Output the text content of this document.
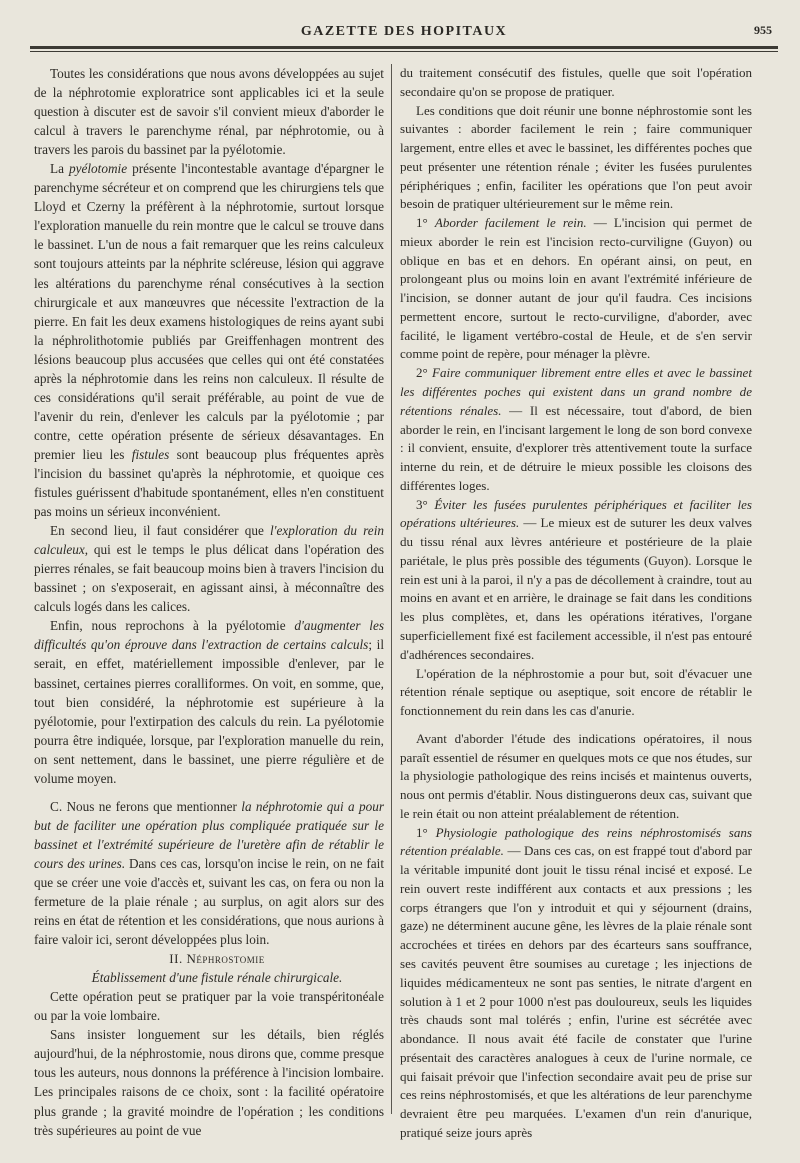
GAZETTE DES HOPITAUX	955

Toutes les considérations que nous avons développées au sujet de la néphrotomie exploratrice sont applicables ici et la seule question à discuter est de savoir s'il convient mieux d'aborder le calcul à travers le parenchyme rénal, par néphrotomie, ou à travers les parois du bassinet par la pyélotomie.

La pyélotomie présente l'incontestable avantage d'épargner le parenchyme sécréteur et on comprend que les chirurgiens tels que Lloyd et Czerny la préfèrent à la néphrotomie, surtout lorsque l'exploration manuelle du rein montre que le calcul se trouve dans le bassinet. L'un de nous a fait remarquer que les reins calculeux sont toujours atteints par la néphrite scléreuse, lésion qui aggrave les altérations du parenchyme rénal consécutives à la section chirurgicale et aux manœuvres que nécessite l'extraction de la pierre. En fait les deux examens histologiques de reins ayant subi la néphrolithotomie publiés par Greiffenhagen montrent des lésions beaucoup plus accusées que celles qui ont été constatées après la néphrotomie dans les reins non calculeux. Il résulte de ces considérations qu'il serait préférable, au point de vue de l'avenir du rein, d'enlever les calculs par la pyélotomie ; par contre, cette opération présente de sérieux désavantages. En premier lieu les fistules sont beaucoup plus fréquentes après l'incision du bassinet qu'après la néphrotomie, et quoique ces fistules guérissent d'habitude spontanément, elles n'en constituent pas moins un sérieux inconvénient.

En second lieu, il faut considérer que l'exploration du rein calculeux, qui est le temps le plus délicat dans l'opération des pierres rénales, se fait beaucoup moins bien à travers l'incision du bassinet ; on s'exposerait, en agissant ainsi, à méconnaître des calculs logés dans les calices.

Enfin, nous reprochons à la pyélotomie d'augmenter les difficultés qu'on éprouve dans l'extraction de certains calculs; il serait, en effet, matériellement impossible d'enlever, par le bassinet, certaines pierres coralliformes. On voit, en somme, que, tout bien considéré, la néphrotomie est supérieure à la pyélotomie, pour l'extirpation des calculs du rein. La pyélotomie pourra être indiquée, lorsque, par l'exploration manuelle du rein, on sent nettement, dans le bassinet, une pierre régulière et de volume moyen.

C. Nous ne ferons que mentionner la néphrotomie qui a pour but de faciliter une opération plus compliquée pratiquée sur le bassinet et l'extrémité supérieure de l'uretère afin de rétablir le cours des urines. Dans ces cas, lorsqu'on incise le rein, on ne fait que se créer une voie d'accès et, suivant les cas, on fera ou non la fermeture de la plaie rénale ; au surplus, on agit alors sur des reins en état de rétention et les considérations, que nous aurions à faire valoir ici, seront développées plus loin.

II. Néphrostomie

Établissement d'une fistule rénale chirurgicale.

Cette opération peut se pratiquer par la voie transpéritonéale ou par la voie lombaire.

Sans insister longuement sur les détails, bien réglés aujourd'hui, de la néphrostomie, nous dirons que, comme presque tous les auteurs, nous donnons la préférence à l'incision lombaire. Les principales raisons de ce choix, sont : la facilité opératoire plus grande ; la gravité moindre de l'opération ; les conditions très supérieures au point de vue

du traitement consécutif des fistules, quelle que soit l'opération secondaire qu'on se propose de pratiquer.

Les conditions que doit réunir une bonne néphrostomie sont les suivantes : aborder facilement le rein ; faire communiquer largement, entre elles et avec le bassinet, les différentes poches que peut présenter une rétention rénale ; éviter les fusées purulentes périphériques ; enfin, faciliter les opérations que l'on peut avoir besoin de pratiquer ultérieurement sur le même rein.

1° Aborder facilement le rein. — L'incision qui permet de mieux aborder le rein est l'incision recto-curviligne (Guyon) ou oblique en bas et en dehors. En opérant ainsi, on peut, en prolongeant plus ou moins loin en avant l'extrémité inférieure de l'incision, se donner autant de jour qu'il faudra. Ces incisions permettent encore, surtout le recto-curviligne, d'aborder, avec facilité, le ligament vertébro-costal de Heule, et de s'en servir comme point de repère, pour ménager la plèvre.

2° Faire communiquer librement entre elles et avec le bassinet les différentes poches qui existent dans un grand nombre de rétentions rénales. — Il est nécessaire, tout d'abord, de bien aborder le rein, en l'incisant largement le long de son bord convexe : il convient, ensuite, d'explorer très attentivement toute la surface interne du rein, et de détruire le mieux possible les cloisons des différentes loges.

3° Éviter les fusées purulentes périphériques et faciliter les opérations ultérieures. — Le mieux est de suturer les deux valves du tissu rénal aux lèvres antérieure et postérieure de la plaie pariétale, le plus près possible des téguments (Guyon). Lorsque le rein est uni à la paroi, il n'y a pas de décollement à craindre, tout au moins en avant et en arrière, le drainage se fait dans les conditions les plus complètes, et, dans les opérations itératives, l'organe superficiellement fixé est facilement accessible, il n'est pas entouré d'adhérences secondaires.

L'opération de la néphrostomie a pour but, soit d'évacuer une rétention rénale septique ou aseptique, soit encore de rétablir le fonctionnement du rein dans les cas d'anurie.

Avant d'aborder l'étude des indications opératoires, il nous paraît essentiel de résumer en quelques mots ce que nos études, sur la physiologie pathologique des reins incisés et maintenus ouverts, nous ont permis d'établir. Nous distinguerons deux cas, suivant que le rein était ou non atteint préalablement de rétention.

1° Physiologie pathologique des reins néphrostomisés sans rétention préalable. — Dans ces cas, on est frappé tout d'abord par la véritable impunité dont jouit le tissu rénal incisé et exposé. Le rein ouvert reste indifférent aux contacts et aux pressions ; les corps étrangers que l'on y introduit et qui y séjournent (drains, gaze) ne déterminent aucune gêne, les lèvres de la plaie rénale sont accrochées et tirées en dehors par des écarteurs sans souffrance, ses cavités peuvent être soumises au curetage ; les injections de liquides médicamenteux ne sont pas senties, le nitrate d'argent en solution à 1 et 2 pour 1000 n'est pas douloureux, seuls les liquides très chauds sont mal tolérés ; enfin, l'urine est sécrétée avec abondance. Il nous avait été facile de constater que l'urine présentait des caractères analogues à ceux de l'urine normale, ce qui faisait prévoir que l'infection secondaire avait peu de prise sur ces reins néphrostomisés, et que les altérations de leur parenchyme devraient être peu marquées. L'examen d'un rein d'anurique, pratiqué seize jours après
